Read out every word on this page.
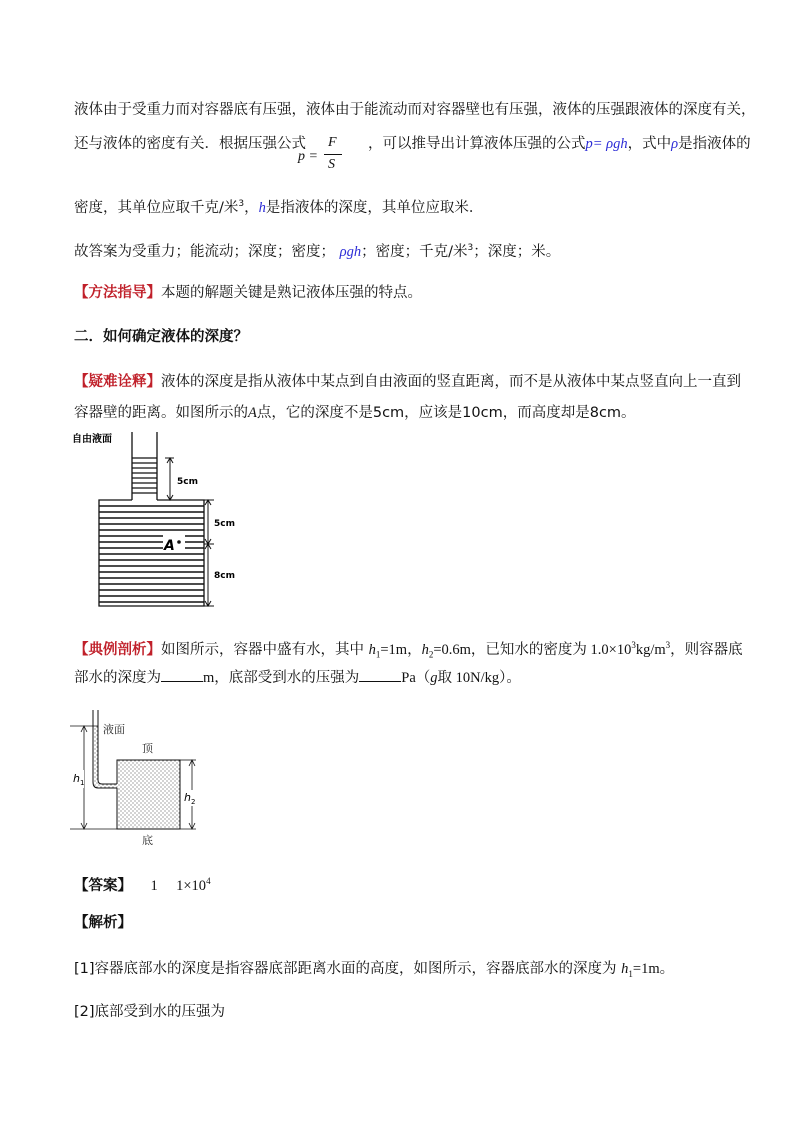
液体由于受重力而对容器底有压强，液体由于能流动而对容器壁也有压强，液体的压强跟液体的深度有关，
还与液体的密度有关．根据压强公式	，可以推导出计算液体压强的公式p= ρgh，式中ρ是指液体的
p =
F
S
密度，其单位应取千克/米$^3$，h是指液体的深度，其单位应取米．
故答案为受重力；能流动；深度；密度； ρgh；密度；千克/米$^3$；深度；米。
【方法指导】本题的解题关键是熟记液体压强的特点。
二．如何确定液体的深度？
【疑难诠释】液体的深度是指从液体中某点到自由液面的竖直距离，而不是从液体中某点竖直向上一直到
容器壁的距离。如图所示的A点，它的深度不是5cm，应该是10cm，而高度却是8cm。
自由液面
A
5cm
5cm
8cm
【典例剖析】如图所示，容器中盛有水，其中 $h_1=1m$，$h_2=0.6m$，已知水的密度为 $1.0\times 10^3kg/m^3$，则容器底
部水的深度为	m，底部受到水的压强为	Pa（g取 10N/kg）。
液面
顶
底
$h_1$
$h_2$
【答案】 1 $1\times 10^4$
【解析】
[1]容器底部水的深度是指容器底部距离水面的高度，如图所示，容器底部水的深度为 $h_1=1m$。
[2]底部受到水的压强为
